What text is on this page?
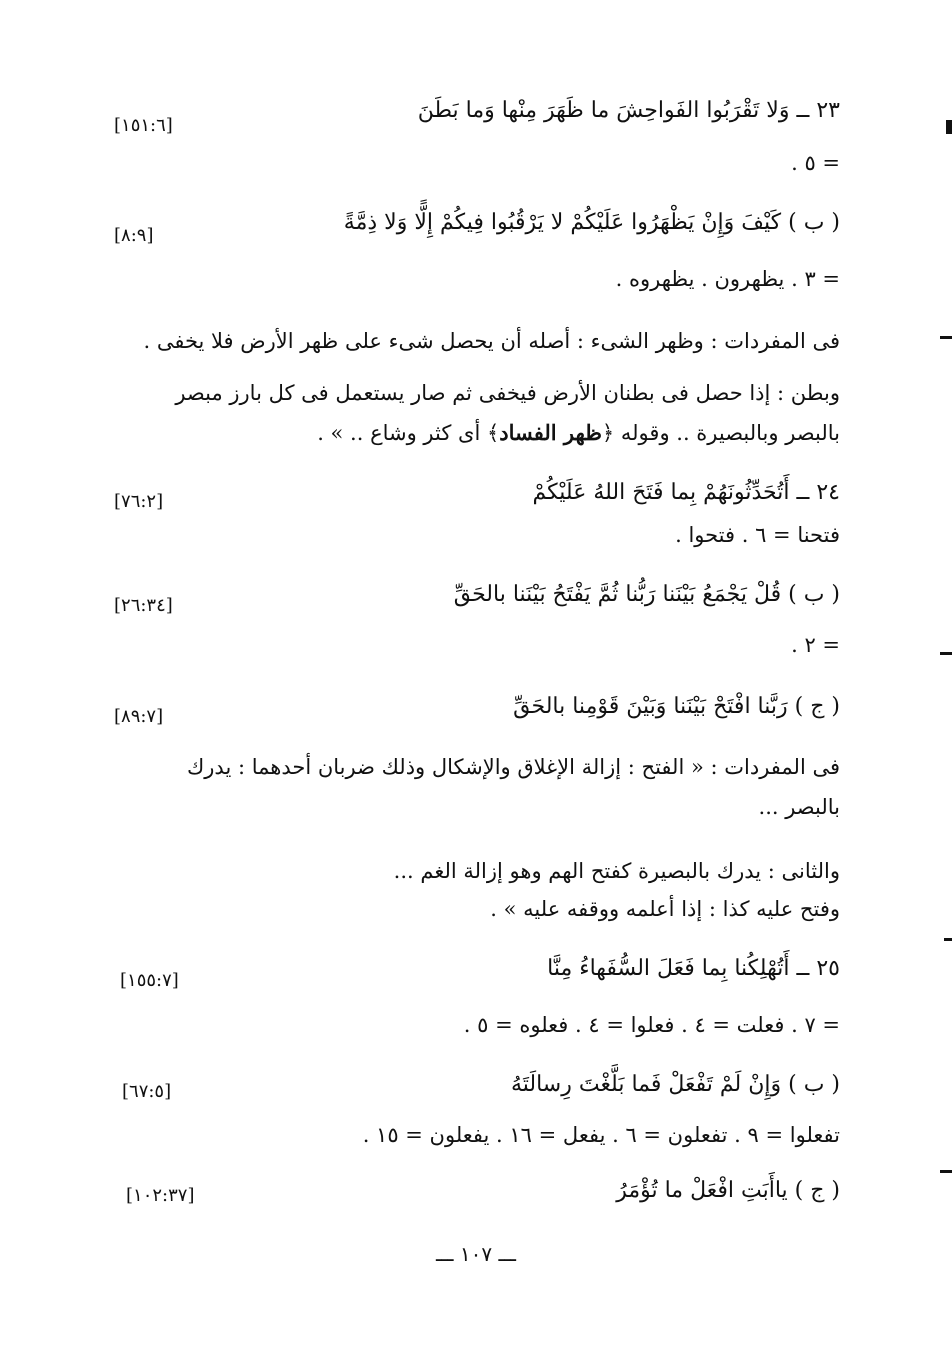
٢٣ ــ وَلا تَقْرَبُوا الفَواحِشَ ما ظَهَرَ مِنْها وَما بَطَنَ
[١٥١:٦]
= ٥ .
( ب ) كَيْفَ وَإِنْ يَظْهَرُوا عَلَيْكُمْ لا يَرْقُبُوا فِيكُمْ إِلًّا وَلا ذِمَّةً
[٨:٩]
= ٣ . يظهرون . يظهروه .
فى المفردات : وظهر الشىء : أصله أن يحصل شىء على ظهر الأرض فلا يخفى .
وبطن : إذا حصل فى بطنان الأرض فيخفى ثم صار يستعمل فى كل بارز مبصر
بالبصر وبالبصيرة .. وقوله ﴿ظهر الفساد﴾ أى كثر وشاع .. » .
٢٤ ــ أَتُحَدِّثُونَهُمْ بِما فَتَحَ اللهُ عَلَيْكُمْ
[٧٦:٢]
فتحنا = ٦ . فتحوا .
( ب ) قُلْ يَجْمَعُ بَيْنَنا رَبُّنا ثُمَّ يَفْتَحُ بَيْنَنا بالحَقِّ
[٢٦:٣٤]
= ٢ .
( ج ) رَبَّنا افْتَحْ بَيْنَنا وَبَيْنَ قَوْمِنا بالحَقِّ
[٨٩:٧]
فى المفردات : « الفتح : إزالة الإغلاق والإشكال وذلك ضربان أحدهما : يدرك
بالبصر ...
والثانى : يدرك بالبصيرة كفتح الهم وهو إزالة الغم ...
وفتح عليه كذا : إذا أعلمه ووقفه عليه » .
٢٥ ــ أَتُهْلِكُنا بِما فَعَلَ السُّفَهاءُ مِنَّا
[١٥٥:٧]
= ٧ . فعلت = ٤ . فعلوا = ٤ . فعلوه = ٥ .
( ب ) وَإِنْ لَمْ تَفْعَلْ فَما بَلَّغْتَ رِسالَتَهُ
[٦٧:٥]
تفعلوا = ٩ . تفعلون = ٦ . يفعل = ١٦ . يفعلون = ١٥ .
( ج ) ياأَبَتِ افْعَلْ ما تُؤْمَرُ
[١٠٢:٣٧]
ـــ ١٠٧ ـــ
